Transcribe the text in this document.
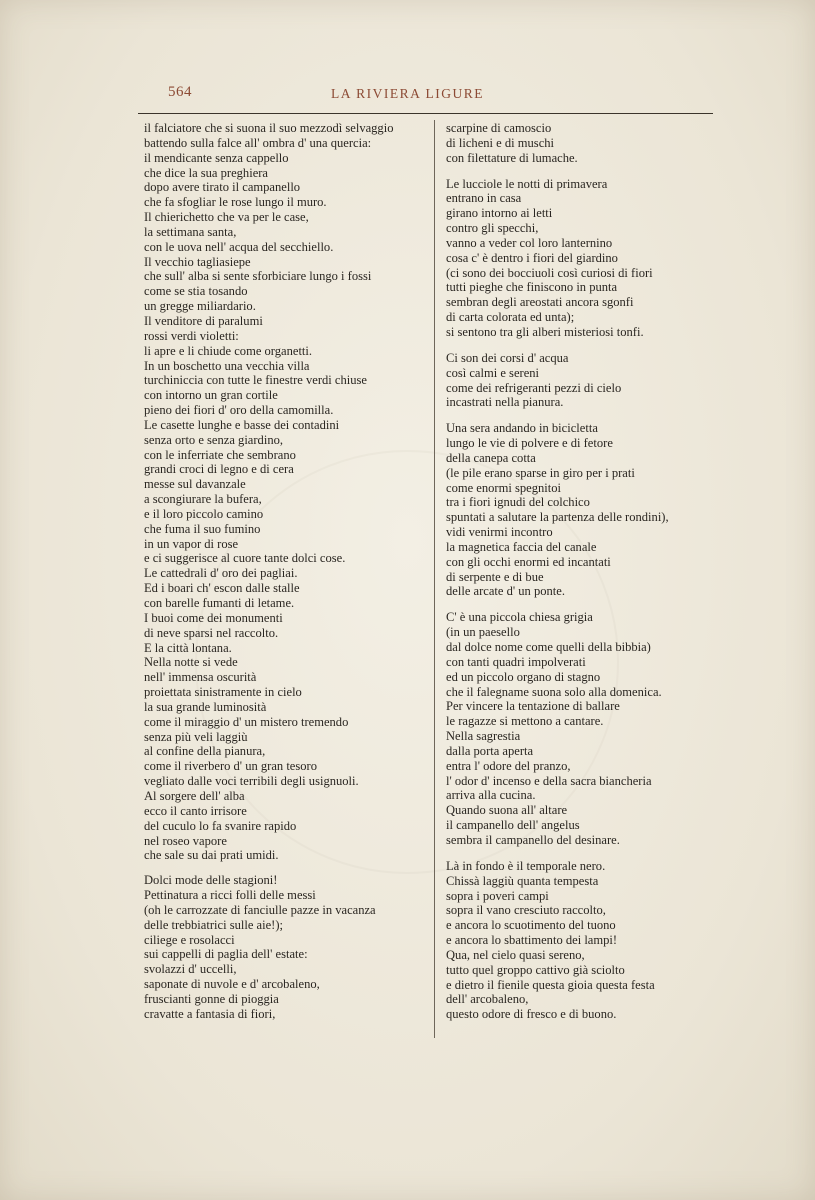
564	LA RIVIERA LIGURE
il falciatore che si suona il suo mezzodì selvaggio
battendo sulla falce all' ombra d' una quercia:
il mendicante senza cappello
che dice la sua preghiera
dopo avere tirato il campanello
che fa sfogliar le rose lungo il muro.
Il chierichetto che va per le case,
la settimana santa,
con le uova nell' acqua del secchiello.
Il vecchio tagliasiepe
che sull' alba si sente sforbiciare lungo i fossi
come se stia tosando
un gregge miliardario.
Il venditore di paralumi
rossi verdi violetti:
li apre e li chiude come organetti.
In un boschetto una vecchia villa
turchiniccia con tutte le finestre verdi chiuse
con intorno un gran cortile
pieno dei fiori d' oro della camomilla.
Le casette lunghe e basse dei contadini
senza orto e senza giardino,
con le inferriate che sembrano
grandi croci di legno e di cera
messe sul davanzale
a scongiurare la bufera,
e il loro piccolo camino
che fuma il suo fumino
in un vapor di rose
e ci suggerisce al cuore tante dolci cose.
Le cattedrali d' oro dei pagliai.
Ed i boari ch' escon dalle stalle
con barelle fumanti di letame.
I buoi come dei monumenti
di neve sparsi nel raccolto.
E la città lontana.
Nella notte si vede
nell' immensa oscurità
proiettata sinistramente in cielo
la sua grande luminosità
come il miraggio d' un mistero tremendo
senza più veli laggiù
al confine della pianura,
come il riverbero d' un gran tesoro
vegliato dalle voci terribili degli usignuoli.
Al sorgere dell' alba
ecco il canto irrisore
del cuculo lo fa svanire rapido
nel roseo vapore
che sale su dai prati umidi.
Dolci mode delle stagioni!
Pettinatura a ricci folli delle messi
(oh le carrozzate di fanciulle pazze in vacanza
delle trebbiatrici sulle aie!);
ciliege e rosolacci
sui cappelli di paglia dell' estate:
svolazzi d' uccelli,
saponate di nuvole e d' arcobaleno,
fruscianti gonne di pioggia
cravatte a fantasia di fiori,
scarpine di camoscio
di licheni e di muschi
con filettature di lumache.
Le lucciole le notti di primavera
entrano in casa
girano intorno ai letti
contro gli specchi,
vanno a veder col loro lanternino
cosa c' è dentro i fiori del giardino
(ci sono dei bocciuoli così curiosi di fiori
tutti pieghe che finiscono in punta
sembran degli areostati ancora sgonfi
di carta colorata ed unta);
si sentono tra gli alberi misteriosi tonfi.
Ci son dei corsi d' acqua
così calmi e sereni
come dei refrigeranti pezzi di cielo
incastrati nella pianura.
Una sera andando in bicicletta
lungo le vie di polvere e di fetore
della canepa cotta
(le pile erano sparse in giro per i prati
come enormi spegnitoi
tra i fiori ignudi del colchico
spuntati a salutare la partenza delle rondini),
vidi venirmi incontro
la magnetica faccia del canale
con gli occhi enormi ed incantati
di serpente e di bue
delle arcate d' un ponte.
C' è una piccola chiesa grigia
(in un paesello
dal dolce nome come quelli della bibbia)
con tanti quadri impolverati
ed un piccolo organo di stagno
che il falegname suona solo alla domenica.
Per vincere la tentazione di ballare
le ragazze si mettono a cantare.
Nella sagrestia
dalla porta aperta
entra l' odore del pranzo,
l' odor d' incenso e della sacra biancheria
arriva alla cucina.
Quando suona all' altare
il campanello dell' angelus
sembra il campanello del desinare.
Là in fondo è il temporale nero.
Chissà laggiù quanta tempesta
sopra i poveri campi
sopra il vano cresciuto raccolto,
e ancora lo scuotimento del tuono
e ancora lo sbattimento dei lampi!
Qua, nel cielo quasi sereno,
tutto quel groppo cattivo già sciolto
e dietro il fienile questa gioia questa festa
dell' arcobaleno,
questo odore di fresco e di buono.
